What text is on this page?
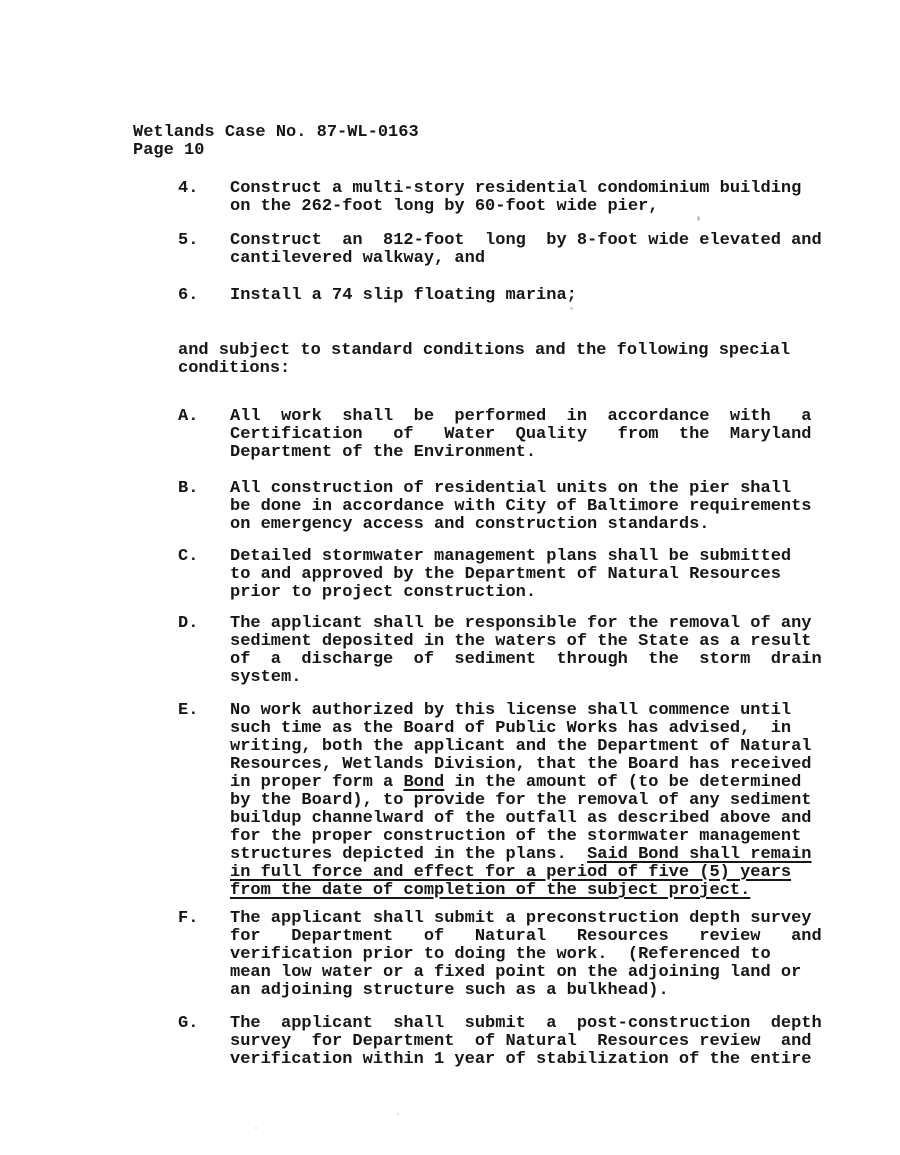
Wetlands Case No. 87-WL-0163
Page 10
4.	Construct a multi-story residential condominium building
on the 262-foot long by 60-foot wide pier,
5.	Construct  an  812-foot  long  by 8-foot wide elevated and
cantilevered walkway, and
6.	Install a 74 slip floating marina;
and subject to standard conditions and the following special
conditions:
A.	All  work  shall  be  performed  in  accordance  with   a
Certification   of   Water  Quality   from  the  Maryland
Department of the Environment.
B.	All construction of residential units on the pier shall
be done in accordance with City of Baltimore requirements
on emergency access and construction standards.
C.	Detailed stormwater management plans shall be submitted
to and approved by the Department of Natural Resources
prior to project construction.
D.	The applicant shall be responsible for the removal of any
sediment deposited in the waters of the State as a result
of  a  discharge  of  sediment  through  the  storm  drain
system.
E.	No work authorized by this license shall commence until
such time as the Board of Public Works has advised,  in
writing, both the applicant and the Department of Natural
Resources, Wetlands Division, that the Board has received
in proper form a Bond in the amount of (to be determined
by the Board), to provide for the removal of any sediment
buildup channelward of the outfall as described above and
for the proper construction of the stormwater management
structures depicted in the plans.  Said Bond shall remain
in full force and effect for a period of five (5) years
from the date of completion of the subject project.
F.	The applicant shall submit a preconstruction depth survey
for   Department   of   Natural   Resources   review   and
verification prior to doing the work.  (Referenced to
mean low water or a fixed point on the adjoining land or
an adjoining structure such as a bulkhead).
G.	The  applicant  shall  submit  a  post-construction  depth
survey  for Department  of Natural  Resources review  and
verification within 1 year of stabilization of the entire
